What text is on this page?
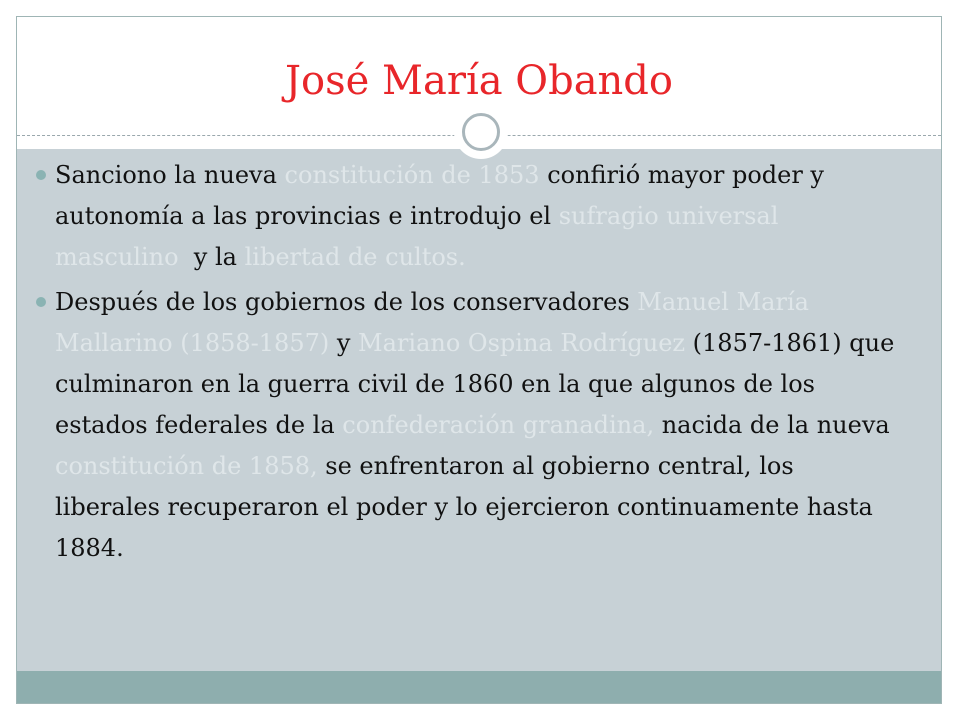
José María Obando
Sanciono la nueva constitución de 1853 confirió mayor poder y autonomía a las provincias e introdujo el sufragio universal masculino  y la libertad de cultos.
Después de los gobiernos de los conservadores Manuel María Mallarino (1858-1857) y Mariano Ospina Rodríguez (1857-1861) que culminaron en la guerra civil de 1860 en la que algunos de los estados federales de la confederación granadina, nacida de la nueva constitución de 1858, se enfrentaron al gobierno central, los liberales recuperaron el poder y lo ejercieron continuamente hasta 1884.
